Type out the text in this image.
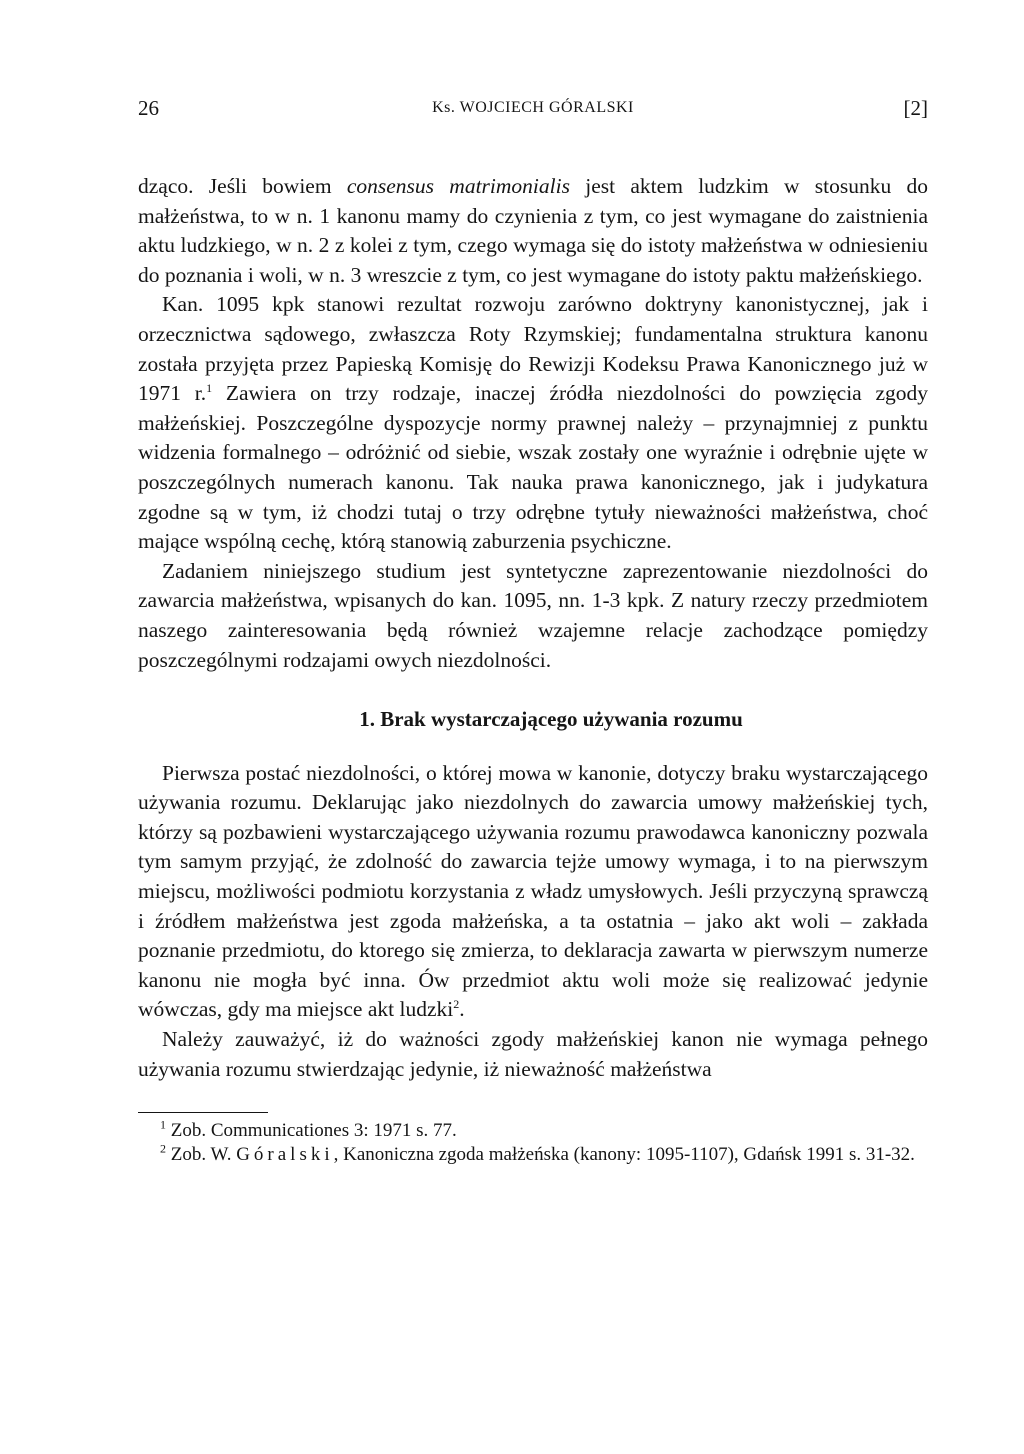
26	Ks. WOJCIECH GÓRALSKI	[2]

dząco. Jeśli bowiem consensus matrimonialis jest aktem ludzkim w stosunku do małżeństwa, to w n. 1 kanonu mamy do czynienia z tym, co jest wymagane do zaistnienia aktu ludzkiego, w n. 2 z kolei z tym, czego wymaga się do istoty małżeństwa w odniesieniu do poznania i woli, w n. 3 wreszcie z tym, co jest wymagane do istoty paktu małżeńskiego.

Kan. 1095 kpk stanowi rezultat rozwoju zarówno doktryny kanonistycznej, jak i orzecznictwa sądowego, zwłaszcza Roty Rzymskiej; fundamentalna struktura kanonu została przyjęta przez Papieską Komisję do Rewizji Kodeksu Prawa Kanonicznego już w 1971 r.$^1$ Zawiera on trzy rodzaje, inaczej źródła niezdolności do powzięcia zgody małżeńskiej. Poszczególne dyspozycje normy prawnej należy – przynajmniej z punktu widzenia formalnego – odróżnić od siebie, wszak zostały one wyraźnie i odrębnie ujęte w poszczególnych numerach kanonu. Tak nauka prawa kanonicznego, jak i judykatura zgodne są w tym, iż chodzi tutaj o trzy odrębne tytuły nieważności małżeństwa, choć mające wspólną cechę, którą stanowią zaburzenia psychiczne.

Zadaniem niniejszego studium jest syntetyczne zaprezentowanie niezdolności do zawarcia małżeństwa, wpisanych do kan. 1095, nn. 1-3 kpk. Z natury rzeczy przedmiotem naszego zainteresowania będą również wzajemne relacje zachodzące pomiędzy poszczególnymi rodzajami owych niezdolności.

1. Brak wystarczającego używania rozumu

Pierwsza postać niezdolności, o której mowa w kanonie, dotyczy braku wystarczającego używania rozumu. Deklarując jako niezdolnych do zawarcia umowy małżeńskiej tych, którzy są pozbawieni wystarczającego używania rozumu prawodawca kanoniczny pozwala tym samym przyjąć, że zdolność do zawarcia tejże umowy wymaga, i to na pierwszym miejscu, możliwości podmiotu korzystania z władz umysłowych. Jeśli przyczyną sprawczą i źródłem małżeństwa jest zgoda małżeńska, a ta ostatnia – jako akt woli – zakłada poznanie przedmiotu, do ktorego się zmierza, to deklaracja zawarta w pierwszym numerze kanonu nie mogła być inna. Ów przedmiot aktu woli może się realizować jedynie wówczas, gdy ma miejsce akt ludzki$^2$.

Należy zauważyć, iż do ważności zgody małżeńskiej kanon nie wymaga pełnego używania rozumu stwierdzając jedynie, iż nieważność małżeństwa

$^1$ Zob. Communicationes 3: 1971 s. 77.

$^2$ Zob. W. Góralski, Kanoniczna zgoda małżeńska (kanony: 1095-1107), Gdańsk 1991 s. 31-32.
